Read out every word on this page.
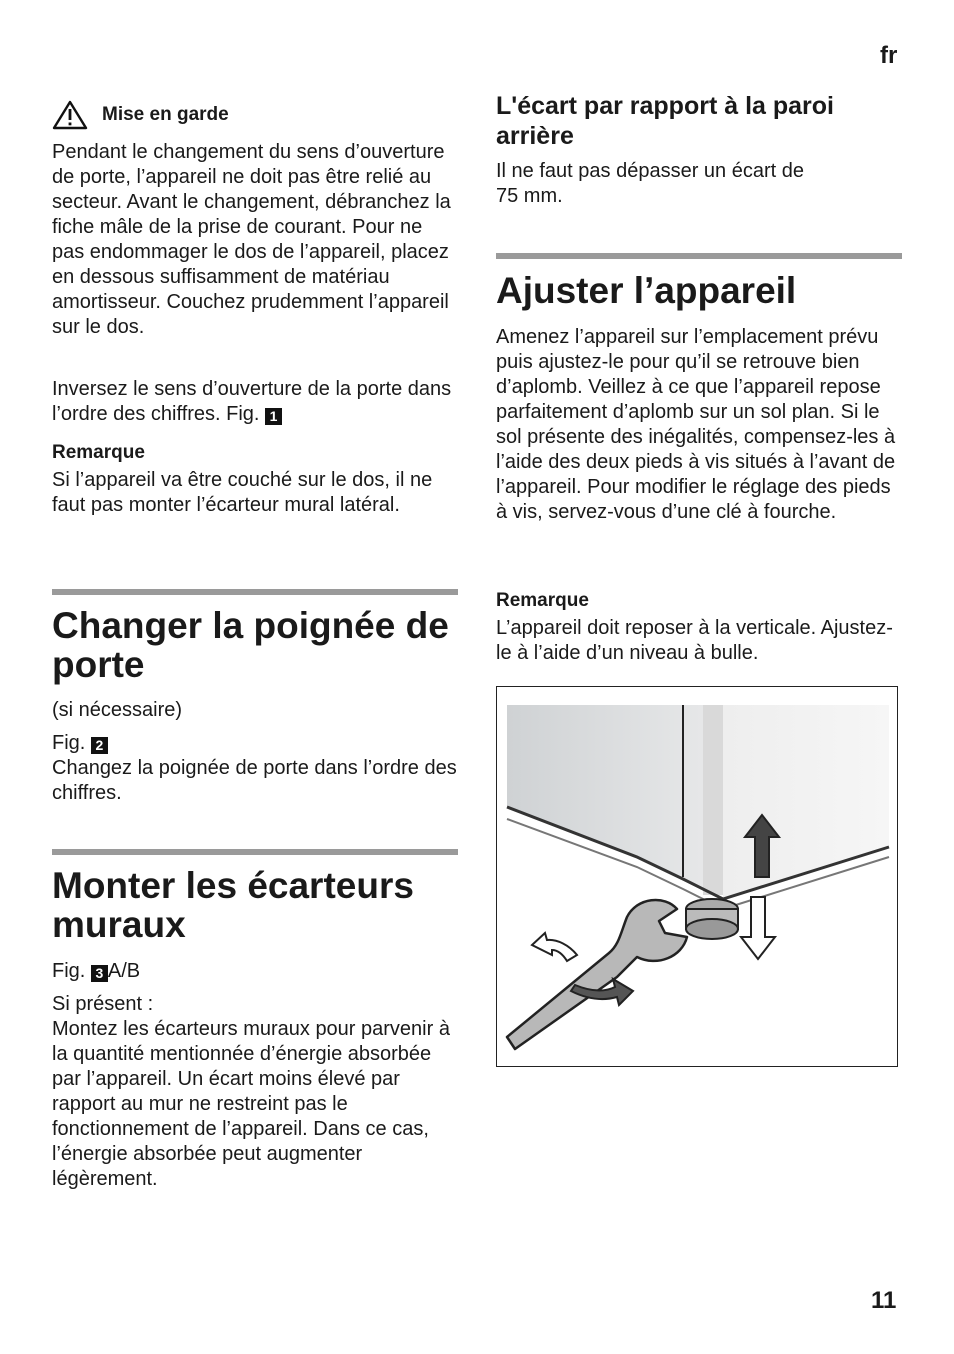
fr
11
Mise en garde

Pendant le changement du sens d’ouverture de porte, l’appareil ne doit pas être relié au secteur. Avant le changement, débranchez la fiche mâle de la prise de courant. Pour ne pas endommager le dos de l’appareil, placez en dessous suffisamment de matériau amortisseur. Couchez prudemment l’appareil sur le dos.

Inversez le sens d’ouverture de la porte dans l’ordre des chiffres. Fig. 1

Remarque

Si l’appareil va être couché sur le dos, il ne faut pas monter l’écarteur mural latéral.

Changer la poignée de porte

(si nécessaire)

Fig. 2

Changez la poignée de porte dans l’ordre des chiffres.

Monter les écarteurs muraux

Fig. 3 A/B

Si présent :

Montez les écarteurs muraux pour parvenir à la quantité mentionnée d’énergie absorbée par l’appareil. Un écart moins élevé par rapport au mur ne restreint pas le fonctionnement de l’appareil. Dans ce cas, l’énergie absorbée peut augmenter légèrement.

L'écart par rapport à la paroi arrière

Il ne faut pas dépasser un écart de 75 mm.

Ajuster l’appareil

Amenez l’appareil sur l’emplacement prévu puis ajustez-le pour qu’il se retrouve bien d’aplomb. Veillez à ce que l’appareil repose parfaitement d’aplomb sur un sol plan. Si le sol présente des inégalités, compensez-les à l’aide des deux pieds à vis situés à l’avant de l’appareil. Pour modifier le réglage des pieds à vis, servez-vous d’une clé à fourche.

Remarque

L’appareil doit reposer à la verticale. Ajustez-le à l’aide d’un niveau à bulle.
